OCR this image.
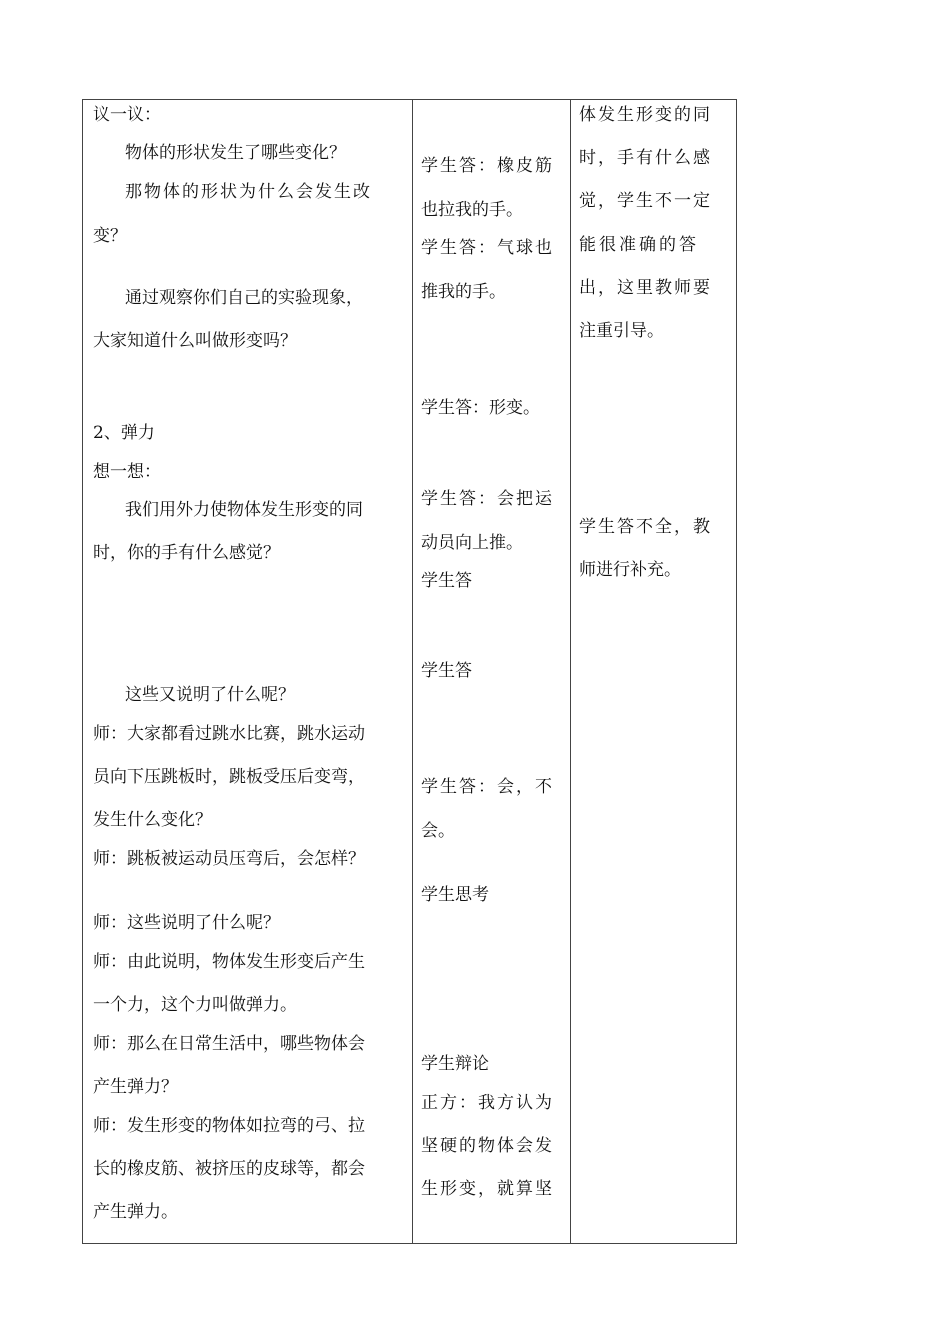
议一议：

物体的形状发生了哪些变化？

那物体的形状为什么会发生改

变？

通过观察你们自己的实验现象，

大家知道什么叫做形变吗？

2、弹力

想一想：

我们用外力使物体发生形变的同

时，你的手有什么感觉？

这些又说明了什么呢？

师：大家都看过跳水比赛，跳水运动

员向下压跳板时，跳板受压后变弯，

发生什么变化？

师：跳板被运动员压弯后，会怎样？

师：这些说明了什么呢？

师：由此说明，物体发生形变后产生

一个力，这个力叫做弹力。

师：那么在日常生活中，哪些物体会

产生弹力？

师：发生形变的物体如拉弯的弓、拉

长的橡皮筋、被挤压的皮球等，都会

产生弹力。

学生答：橡皮筋

也拉我的手。

学生答：气球也

推我的手。

学生答：形变。

学生答：会把运

动员向上推。

学生答

学生答

学生答：会，不

会。

学生思考

学生辩论

正方：我方认为

坚硬的物体会发

生形变，就算坚

体发生形变的同

时，手有什么感

觉，学生不一定

能很准确的答

出，这里教师要

注重引导。

学生答不全，教

师进行补充。
